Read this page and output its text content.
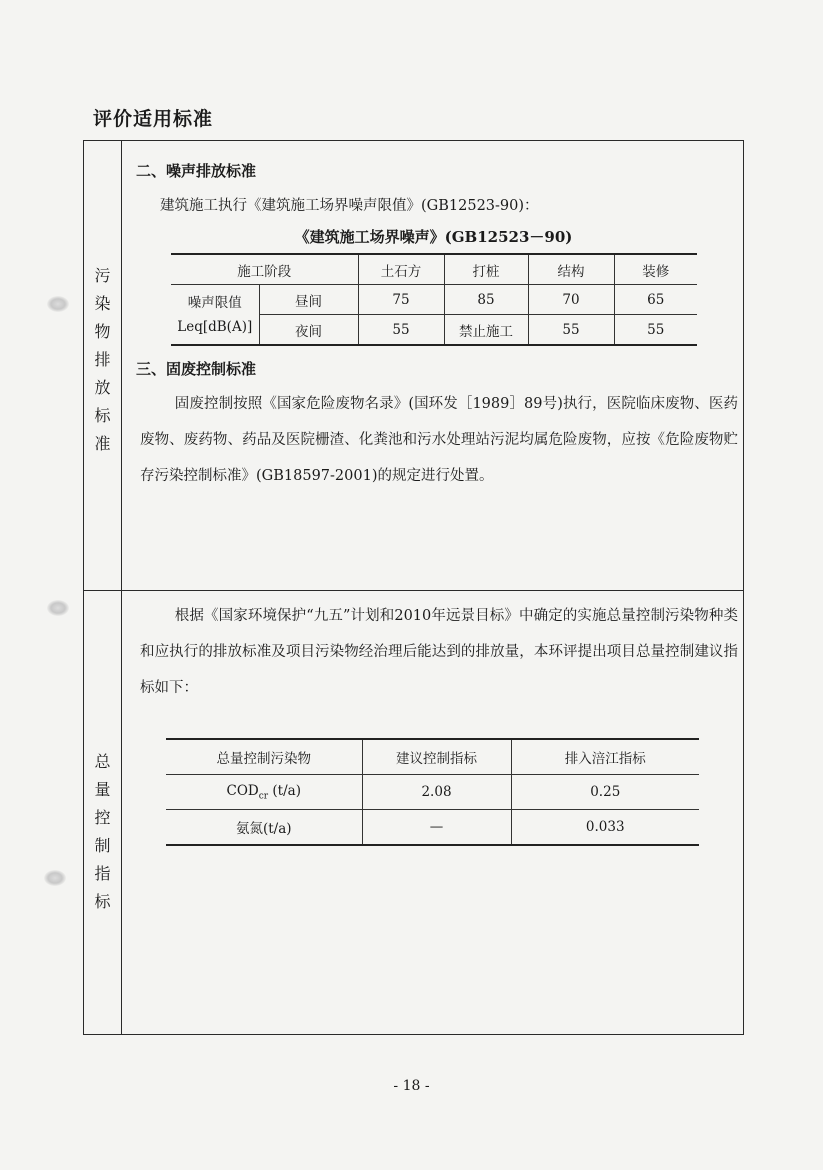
评价适用标准
污
染
物
排
放
标
准
总
量
控
制
指
标
二、噪声排放标准
建筑施工执行《建筑施工场界噪声限值》(GB12523-90)：
《建筑施工场界噪声》(GB12523－90)
施工阶段		土石方	打桩	结构	装修

噪声限值
Leq[dB(A)]	昼间	75	85	70	65
	夜间	55	禁止施工	55	55
三、固废控制标准
固废控制按照《国家危险废物名录》(国环发［1989］89号)执行，医院临床废物、医药废物、废药物、药品及医院栅渣、化粪池和污水处理站污泥均属危险废物，应按《危险废物贮存污染控制标准》(GB18597-2001)的规定进行处置。
根据《国家环境保护“九五”计划和2010年远景目标》中确定的实施总量控制污染物种类和应执行的排放标准及项目污染物经治理后能达到的排放量，本环评提出项目总量控制建议指标如下：
总量控制污染物	建议控制指标	排入涪江指标
$COD_{cr}$ (t/a)	2.08	0.25
氨氮(t/a)	—	0.033
- 18 -
